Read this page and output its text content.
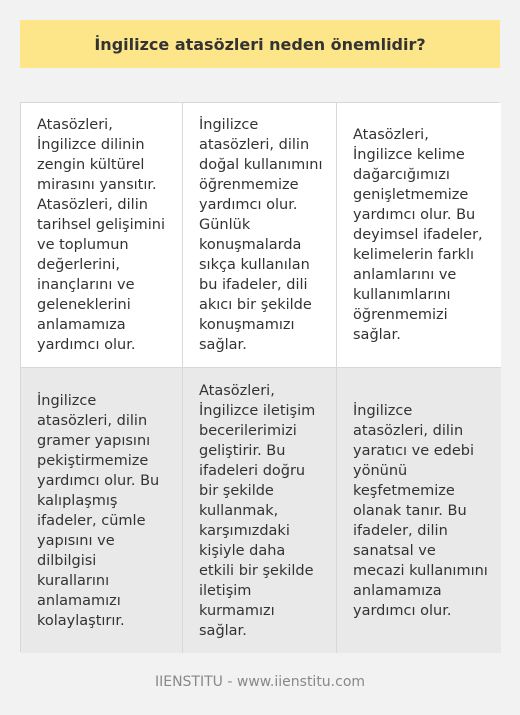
İngilizce atasözleri neden önemlidir?
Atasözleri, İngilizce dilinin zengin kültürel mirasını yansıtır. Atasözleri, dilin tarihsel gelişimini ve toplumun değerlerini, inançlarını ve geleneklerini anlamamıza yardımcı olur.
İngilizce atasözleri, dilin doğal kullanımını öğrenmemize yardımcı olur. Günlük konuşmalarda sıkça kullanılan bu ifadeler, dili akıcı bir şekilde konuşmamızı sağlar.
Atasözleri, İngilizce kelime dağarcığımızı genişletmemize yardımcı olur. Bu deyimsel ifadeler, kelimelerin farklı anlamlarını ve kullanımlarını öğrenmemizi sağlar.
İngilizce atasözleri, dilin gramer yapısını pekiştirmemize yardımcı olur. Bu kalıplaşmış ifadeler, cümle yapısını ve dilbilgisi kurallarını anlamamızı kolaylaştırır.
Atasözleri, İngilizce iletişim becerilerimizi geliştirir. Bu ifadeleri doğru bir şekilde kullanmak, karşımızdaki kişiyle daha etkili bir şekilde iletişim kurmamızı sağlar.
İngilizce atasözleri, dilin yaratıcı ve edebi yönünü keşfetmemize olanak tanır. Bu ifadeler, dilin sanatsal ve mecazi kullanımını anlamamıza yardımcı olur.
IIENSTITU - www.iienstitu.com
